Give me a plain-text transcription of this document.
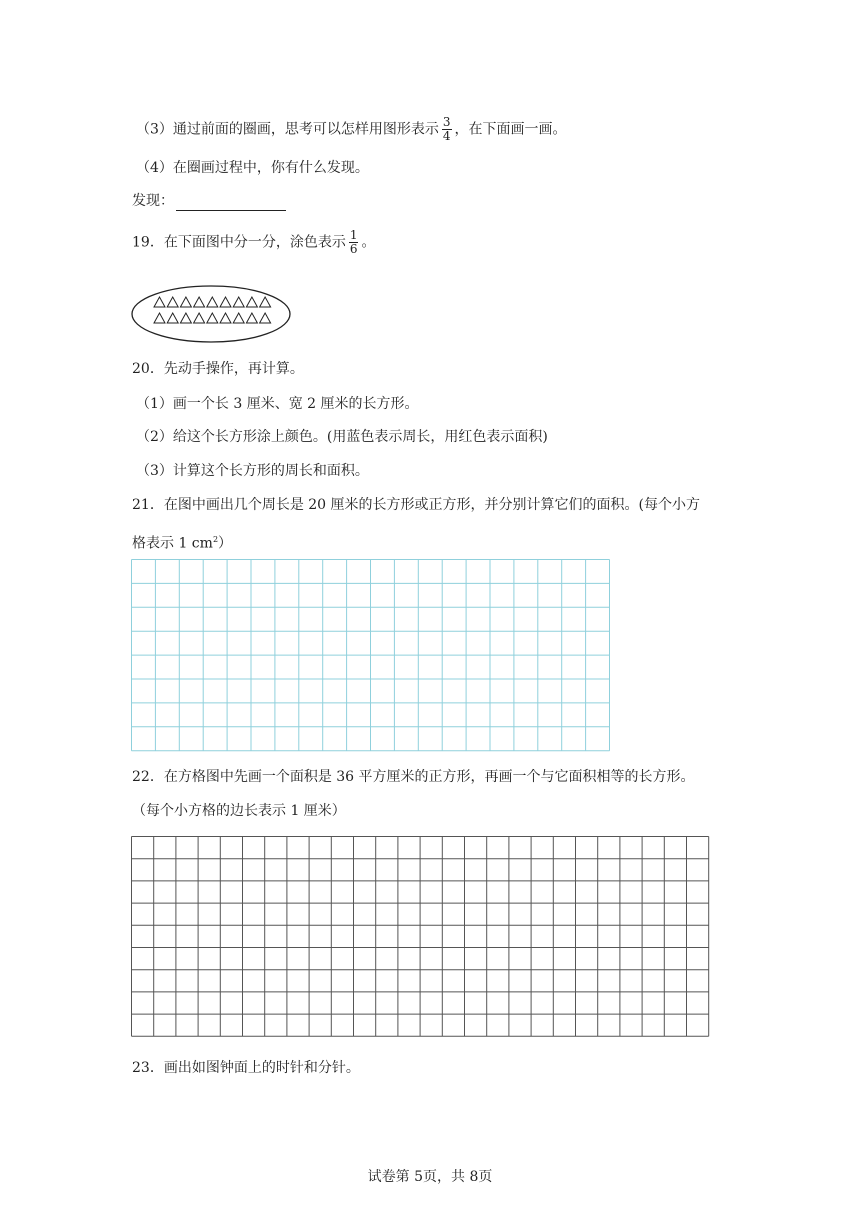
（3）通过前面的圈画，思考可以怎样用图形表示 $\frac{3}{4}$ ，在下面画一画。
（4）在圈画过程中，你有什么发现。
发现：
19．在下面图中分一分，涂色表示 $\frac{1}{6}$ 。
20．先动手操作，再计算。
（1）画一个长 3 厘米、宽 2 厘米的长方形。
（2）给这个长方形涂上颜色。(用蓝色表示周长，用红色表示面积)
（3）计算这个长方形的周长和面积。
21．在图中画出几个周长是 20 厘米的长方形或正方形，并分别计算它们的面积。(每个小方
格表示 1 $cm^2$）
22．在方格图中先画一个面积是 36 平方厘米的正方形，再画一个与它面积相等的长方形。
（每个小方格的边长表示 1 厘米）
23．画出如图钟面上的时针和分针。
试卷第 5页，共 8页
